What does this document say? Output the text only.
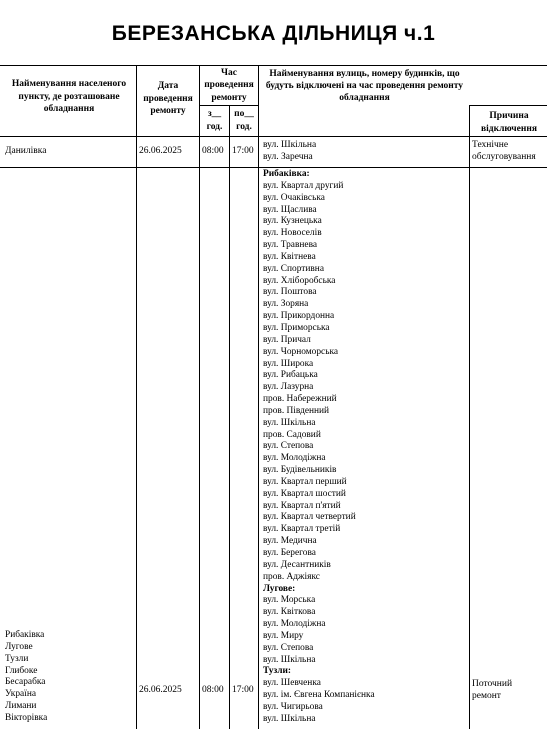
БЕРЕЗАНСЬКА ДІЛЬНИЦЯ ч.1
Найменування населеного пункту, де розташоване обладнання
Дата проведення ремонту
Час проведення ремонту
з__ год.
по__ год.
Найменування вулиць, номеру будинків, що будуть відключені на час проведення ремонту обладнання
Причина відключення
Данилівка	26.06.2025 08:00 17:00
вул. Шкільна
вул. Заречна
Технічне
обслуговування
Рибаківка:
вул. Квартал другий
вул. Очаківська
вул. Щаслива
вул. Кузнецька
вул. Новоселів
вул. Травнева
вул. Квітнева
вул. Спортивна
вул. Хліборобська
вул. Поштова
вул. Зоряна
вул. Прикордонна
вул. Приморська
вул. Причал
вул. Чорноморська
вул. Широка
вул. Рибацька
вул. Лазурна
пров. Набережний
пров. Південний
вул. Шкільна
пров. Садовий
вул. Степова
вул. Молодіжна
вул. Будівельників
вул. Квартал перший
вул. Квартал шостий
вул. Квартал п'ятий
вул. Квартал четвертий
вул. Квартал третій
вул. Медична
вул. Берегова
вул. Десантників
пров. Аджіякс
Лугове:
вул. Морська
вул. Квіткова
вул. Молодіжна
вул. Миру
вул. Степова
вул. Шкільна
Тузли:
вул. Шевченка
вул. ім. Євгена Компанієнка
вул. Чигирьова
вул. Шкільна
Рибаківка
Лугове
Тузли
Глибоке
Бесарабка
Україна
Лимани
Вікторівка
26.06.2025 08:00 17:00
Поточний
ремонт
